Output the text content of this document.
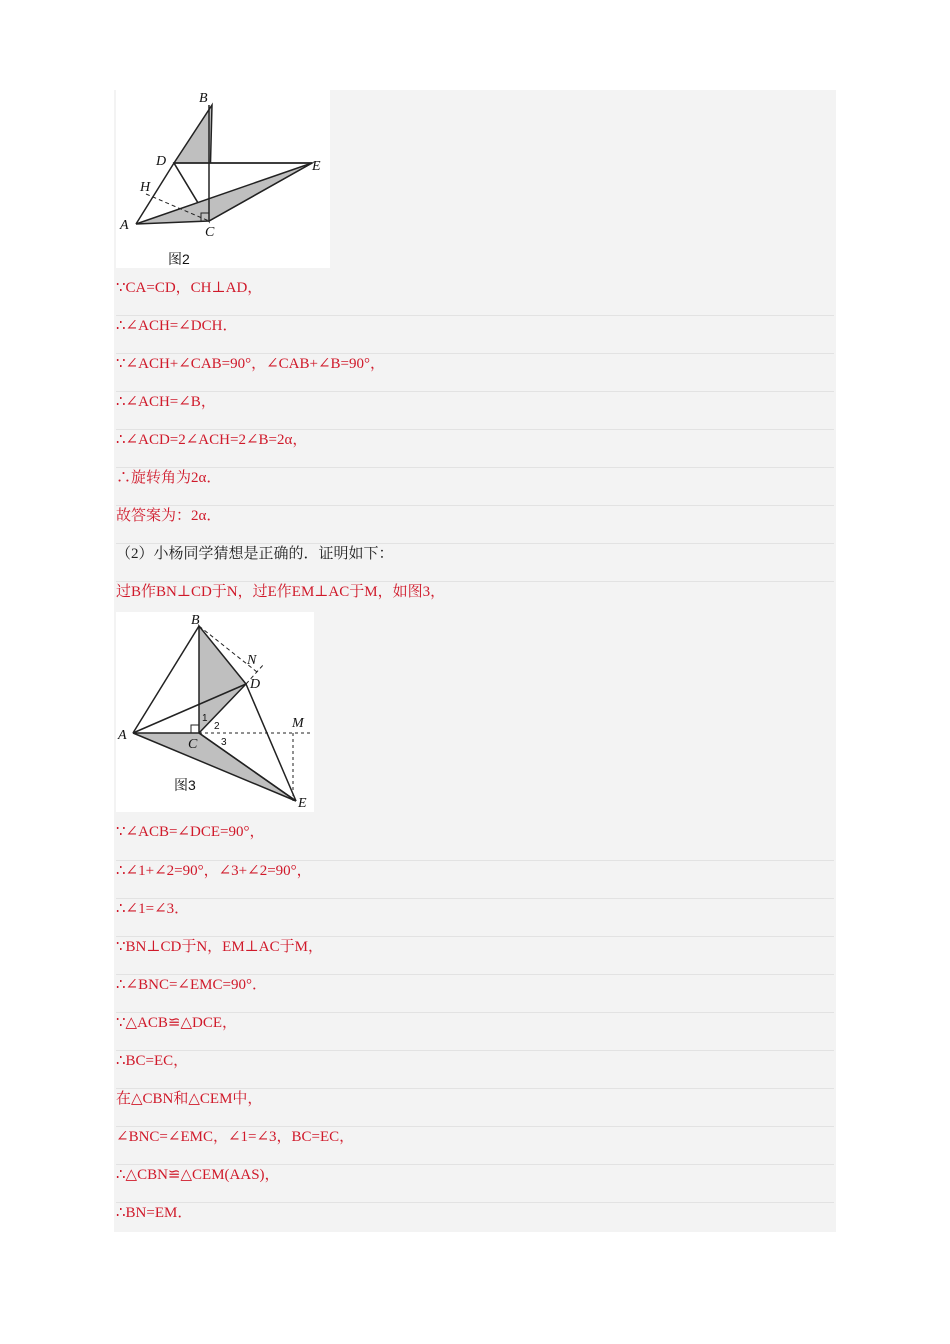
B
D	E
H
A	C
图2
B
N
D
M
A
C
E
1
2
3
图3
∵CA=CD，CH⊥AD，
∴∠ACH=∠DCH．
∵∠ACH+∠CAB=90°，∠CAB+∠B=90°，
∴∠ACH=∠B，
∴∠ACD=2∠ACH=2∠B=2α，
∴旋转角为2α．
故答案为：2α．
（2）小杨同学猜想是正确的．证明如下：
过B作BN⊥CD于N，过E作EM⊥AC于M，如图3，
∵∠ACB=∠DCE=90°，
∴∠1+∠2=90°，∠3+∠2=90°，
∴∠1=∠3．
∵BN⊥CD于N，EM⊥AC于M，
∴∠BNC=∠EMC=90°．
∵△ACB≌△DCE，
∴BC=EC，
在△CBN和△CEM中，
∠BNC=∠EMC，∠1=∠3，BC=EC，
∴△CBN≌△CEM(AAS)，
∴BN=EM．
